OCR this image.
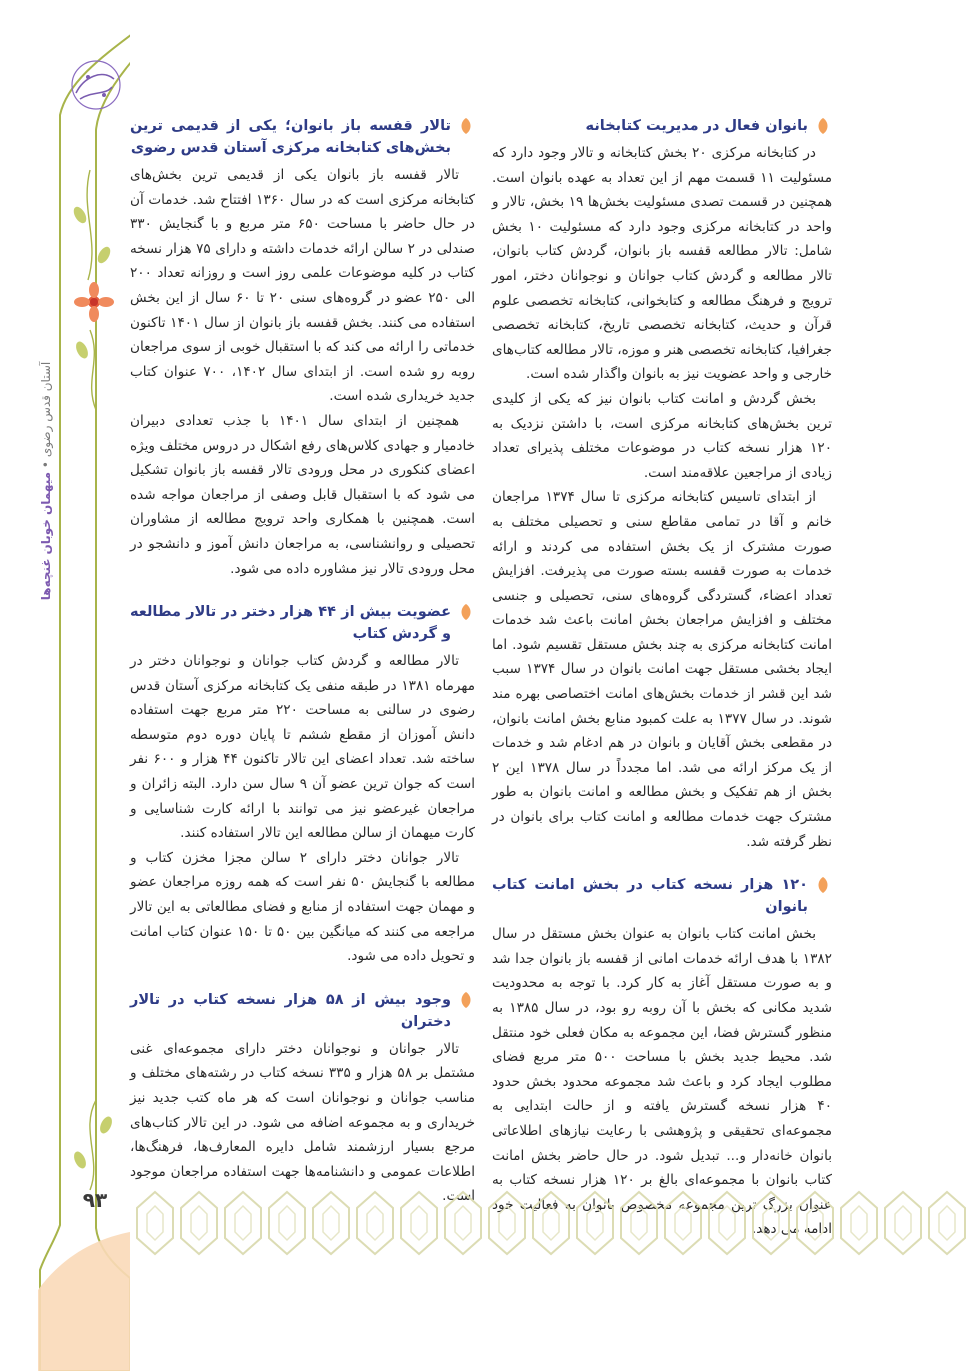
آستان قدس رضوی • میهمان خوبان غنچه‌ها
۹۳
بانوان فعال در مدیریت کتابخانه

در کتابخانه مرکزی ۲۰ بخش کتابخانه و تالار وجود دارد که مسئولیت ۱۱ قسمت مهم از این تعداد به عهده بانوان است. همچنین در قسمت تصدی مسئولیت بخش‌ها ۱۹ بخش، تالار و واحد در کتابخانه مرکزی وجود دارد که مسئولیت ۱۰ بخش شامل: تالار مطالعه قفسه باز بانوان، گردش کتاب بانوان، تالار مطالعه و گردش کتاب جوانان و نوجوانان دختر، امور ترویج و فرهنگ مطالعه و کتابخوانی، کتابخانه تخصصی علوم قرآن و حدیث، کتابخانه تخصصی تاریخ، کتابخانه تخصصی جغرافیا، کتابخانه تخصصی هنر و موزه، تالار مطالعه کتاب‌های خارجی و واحد عضویت نیز به بانوان واگذار شده است.

بخش گردش و امانت کتاب بانوان نیز که یکی از کلیدی ترین بخش‌های کتابخانه مرکزی است، با داشتن نزدیک به ۱۲۰ هزار نسخه کتاب در موضوعات مختلف پذیرای تعداد زیادی از مراجعین علاقه‌مند است.

از ابتدای تاسیس کتابخانه مرکزی تا سال ۱۳۷۴ مراجعان خانم و آقا در تمامی مقاطع سنی و تحصیلی مختلف به صورت مشترک از یک بخش استفاده می کردند و ارائه خدمات به صورت قفسه بسته صورت می پذیرفت. افزایش تعداد اعضاء، گستردگی گروه‌های سنی، تحصیلی و جنسی مختلف و افزایش مراجعان بخش امانت باعث شد خدمات امانت کتابخانه مرکزی به چند بخش مستقل تقسیم شود. اما ایجاد بخشی مستقل جهت امانت بانوان در سال ۱۳۷۴ سبب شد این قشر از خدمات بخش‌های امانت اختصاصی بهره مند شوند. در سال ۱۳۷۷ به علت کمبود منابع بخش امانت بانوان، در مقطعی بخش آقایان و بانوان در هم ادغام شد و خدمات از یک مرکز ارائه می شد. اما مجدداً در سال ۱۳۷۸ این ۲ بخش از هم تفکیک و بخش مطالعه و امانت بانوان به طور مشترک جهت خدمات مطالعه و امانت کتاب برای بانوان در نظر گرفته شد.

۱۲۰ هزار نسخه کتاب در بخش امانت کتاب بانوان

بخش امانت کتاب بانوان به عنوان بخش مستقل در سال ۱۳۸۲ با هدف ارائه خدمات امانی از قفسه باز بانوان جدا شد و به صورت مستقل آغاز به کار کرد. با توجه به محدودیت شدید مکانی که بخش با آن روبه رو بود، در سال ۱۳۸۵ به منظور گسترش فضا، این مجموعه به مکان فعلی خود منتقل شد. محیط جدید بخش با مساحت ۵۰۰ متر مربع فضای مطلوب ایجاد کرد و باعث شد مجموعه محدود بخش حدود ۴۰ هزار نسخه گسترش یافته و از حالت ابتدایی به مجموعه‌ای تحقیقی و پژوهشی با رعایت نیازهای اطلاعاتی بانوان خانه‌دار و... تبدیل شود. در حال حاضر بخش امانت کتاب بانوان با مجموعه‌ای بالغ بر ۱۲۰ هزار نسخه کتاب به

تالار قفسه باز بانوان؛ یکی از قدیمی ترین بخش‌های کتابخانه مرکزی آستان قدس رضوی

تالار قفسه باز بانوان یکی از قدیمی ترین بخش‌های کتابخانه مرکزی است که در سال ۱۳۶۰ افتتاح شد. خدمات آن در حال حاضر با مساحت ۶۵۰ متر مربع و با گنجایش ۳۳۰ صندلی در ۲ سالن ارائه خدمات داشته و دارای ۷۵ هزار نسخه کتاب در کلیه موضوعات علمی روز است و روزانه تعداد ۲۰۰ الی ۲۵۰ عضو در گروه‌های سنی ۲۰ تا ۶۰ سال از این بخش استفاده می کنند. بخش قفسه باز بانوان از سال ۱۴۰۱ تاکنون خدماتی را ارائه می کند که با استقبال خوبی از سوی مراجعان روبه رو شده است. از ابتدای سال ۱۴۰۲، ۷۰۰ عنوان کتاب جدید خریداری شده است.

همچنین از ابتدای سال ۱۴۰۱ با جذب تعدادی دبیران خادمیار و جهادی کلاس‌های رفع اشکال در دروس مختلف ویژه اعضای کنکوری در محل ورودی تالار قفسه باز بانوان تشکیل می شود که با استقبال قابل وصفی از مراجعان مواجه شده است. همچنین با همکاری واحد ترویج مطالعه از مشاوران تحصیلی و روانشناسی، به مراجعان دانش آموز و دانشجو در محل ورودی تالار نیز مشاوره داده می شود.

عضویت بیش از ۴۴ هزار دختر در تالار مطالعه و گردش کتاب

تالار مطالعه و گردش کتاب جوانان و نوجوانان دختر در مهرماه ۱۳۸۱ در طبقه منفی یک کتابخانه مرکزی آستان قدس رضوی در سالنی به مساحت ۲۲۰ متر مربع جهت استفاده دانش آموزان از مقطع ششم تا پایان دوره دوم متوسطه ساخته شد. تعداد اعضای این تالار تاکنون ۴۴ هزار و ۶۰۰ نفر است که جوان ترین عضو آن ۹ سال سن دارد. البته زائران و مراجعان غیرعضو نیز می توانند با ارائه کارت شناسایی و کارت میهمان از سالن مطالعه این تالار استفاده کنند.

تالار جوانان دختر دارای ۲ سالن مجزا مخزن کتاب و مطالعه با گنجایش ۵۰ نفر است که همه روزه مراجعان عضو و مهمان جهت استفاده از منابع و فضای مطالعاتی به این تالار مراجعه می کنند که میانگین بین ۵۰ تا ۱۵۰ عنوان کتاب امانت و تحویل داده می شود.

وجود بیش از ۵۸ هزار نسخه کتاب در تالار دختران

تالار جوانان و نوجوانان دختر دارای مجموعه‌ای غنی مشتمل بر ۵۸ هزار و ۳۳۵ نسخه کتاب در رشته‌های مختلف و مناسب جوانان و نوجوانان است که هر ماه کتب جدید نیز خریداری و به مجموعه اضافه می شود. در این تالار کتاب‌های مرجع بسیار ارزشمند شامل دایره المعارف‌ها، فرهنگ‌ها، اطلاعات عمومی و دانشنامه‌ها جهت استفاده مراجعان موجود
